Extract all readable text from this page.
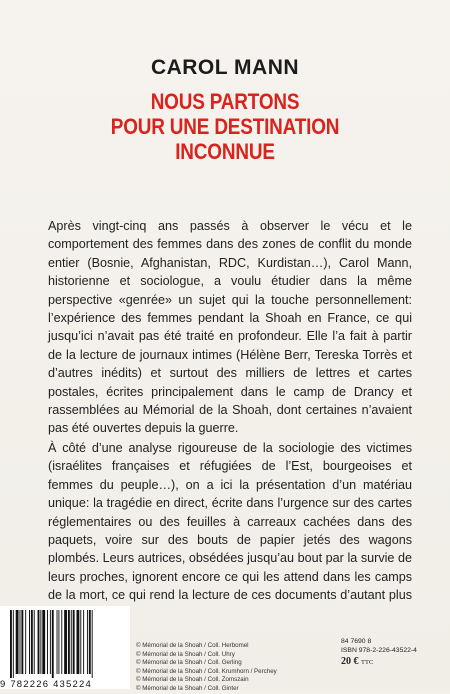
CAROL MANN
NOUS PARTONS
POUR UNE DESTINATION
INCONNUE

Après vingt-cinq ans passés à observer le vécu et le comportement des femmes dans des zones de conflit du monde entier (Bosnie, Afghanistan, RDC, Kurdistan…), Carol Mann, historienne et sociologue, a voulu étudier dans la même perspective «genrée» un sujet qui la touche personnellement: l’expérience des femmes pendant la Shoah en France, ce qui jusqu’ici n’avait pas été traité en profondeur. Elle l’a fait à partir de la lecture de journaux intimes (Hélène Berr, Tereska Torrès et d’autres inédits) et surtout des milliers de lettres et cartes postales, écrites principalement dans le camp de Drancy et rassemblées au Mémorial de la Shoah, dont certaines n’avaient pas été ouvertes depuis la guerre.

À côté d’une analyse rigoureuse de la sociologie des victimes (israélites françaises et réfugiées de l’Est, bourgeoises et femmes du peuple…), on a ici la présentation d’un matériau unique: la tragédie en direct, écrite dans l’urgence sur des cartes réglementaires ou des feuilles à carreaux cachées dans des paquets, voire sur des bouts de papier jetés des wagons plombés. Leurs autrices, obsédées jusqu’au bout par la survie de leurs proches, ignorent encore ce qui les attend dans les camps de la mort, ce qui rend la lecture de ces documents d’autant plus

9 782226 435224
© Mémorial de la Shoah / Coll. Herbomel
© Mémorial de la Shoah / Coll. Uhry
© Mémorial de la Shoah / Coll. Gerling
© Mémorial de la Shoah / Coll. Krumhorn / Perchey
© Mémorial de la Shoah / Coll. Zomszain
© Mémorial de la Shoah / Coll. Ginter
84 7690 8
ISBN 978-2-226-43522-4
20 € TTC
